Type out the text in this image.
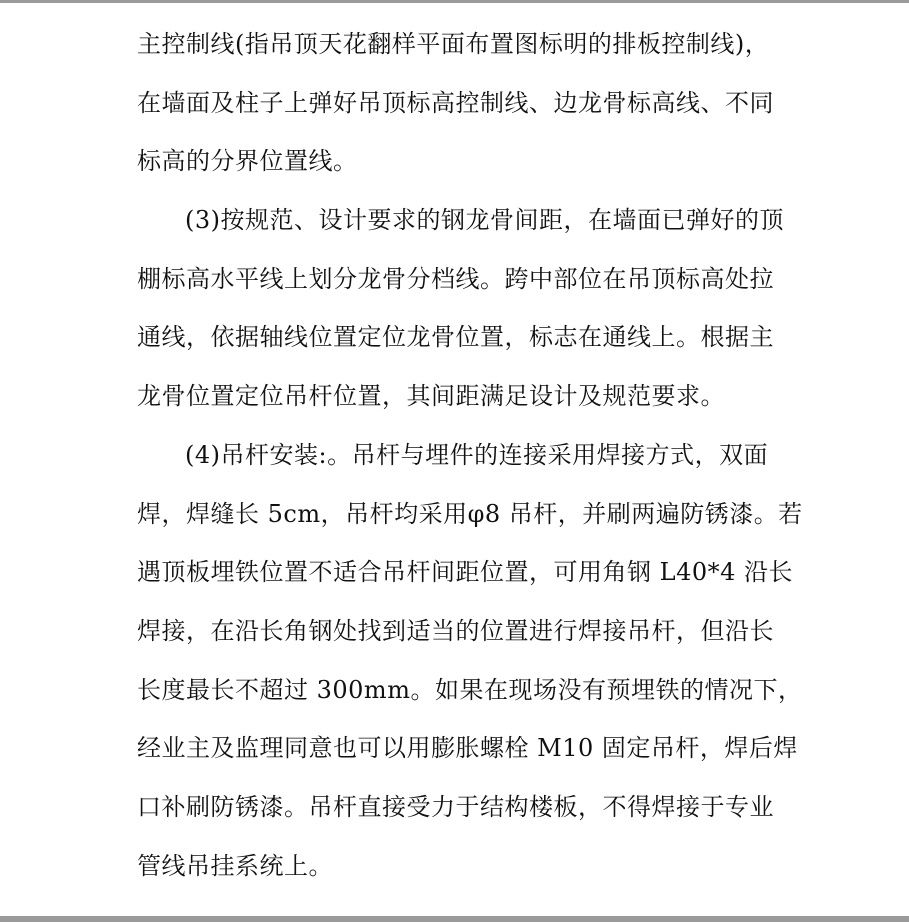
主控制线(指吊顶天花翻样平面布置图标明的排板控制线)，
在墙面及柱子上弹好吊顶标高控制线、边龙骨标高线、不同
标高的分界位置线。
(3)按规范、设计要求的钢龙骨间距，在墙面已弹好的顶
棚标高水平线上划分龙骨分档线。跨中部位在吊顶标高处拉
通线，依据轴线位置定位龙骨位置，标志在通线上。根据主
龙骨位置定位吊杆位置，其间距满足设计及规范要求。
(4)吊杆安装:。吊杆与埋件的连接采用焊接方式，双面
焊，焊缝长 5cm，吊杆均采用φ8 吊杆，并刷两遍防锈漆。若
遇顶板埋铁位置不适合吊杆间距位置，可用角钢 L40*4 沿长
焊接，在沿长角钢处找到适当的位置进行焊接吊杆，但沿长
长度最长不超过 300mm。如果在现场没有预埋铁的情况下，
经业主及监理同意也可以用膨胀螺栓 M10 固定吊杆，焊后焊
口补刷防锈漆。吊杆直接受力于结构楼板，不得焊接于专业
管线吊挂系统上。
